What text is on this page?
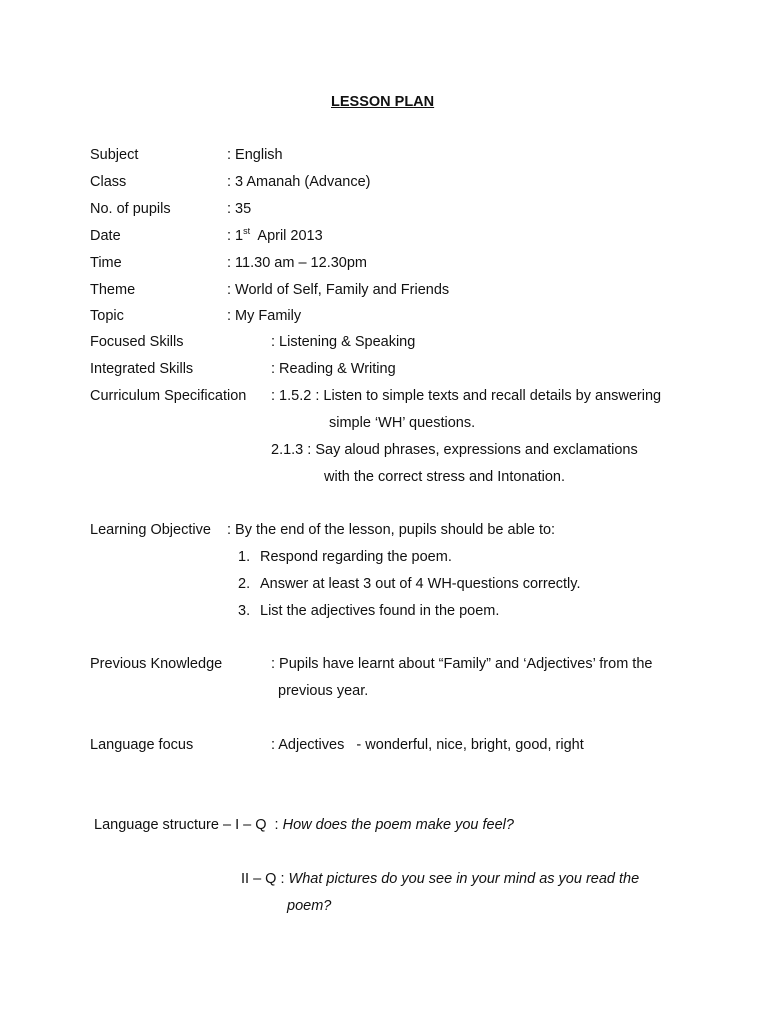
LESSON PLAN
Subject	: English
Class	: 3 Amanah (Advance)
No. of pupils	: 35
Date	: 1st  April 2013
Time	: 11.30 am – 12.30pm
Theme	: World of Self, Family and Friends
Topic	: My Family
Focused Skills	: Listening & Speaking
Integrated Skills	: Reading & Writing
Curriculum Specification : 1.5.2 : Listen to simple texts and recall details by answering
simple ‘WH’ questions.
2.1.3 : Say aloud phrases, expressions and exclamations
with the correct stress and Intonation.
Learning Objective : By the end of the lesson, pupils should be able to:
1. Respond regarding the poem.
2. Answer at least 3 out of 4 WH-questions correctly.
3. List the adjectives found in the poem.
Previous Knowledge	: Pupils have learnt about “Family” and ‘Adjectives’ from the
previous year.
Language focus	: Adjectives   - wonderful, nice, bright, good, right
Language structure – I – Q  : How does the poem make you feel?
II – Q : What pictures do you see in your mind as you read the
poem?
